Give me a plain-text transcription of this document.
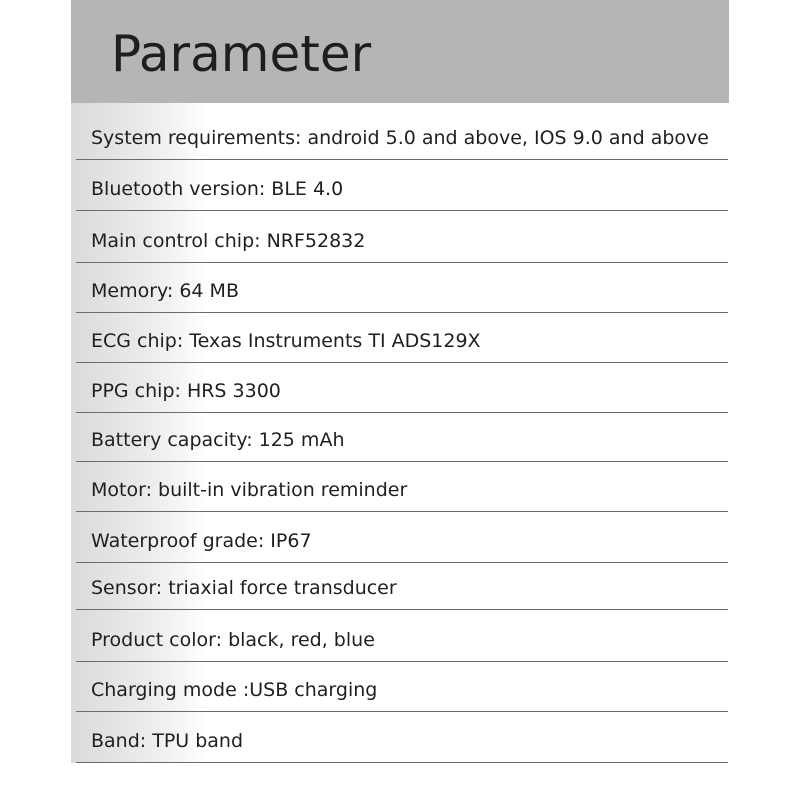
Parameter
System requirements: android 5.0 and above, IOS 9.0 and above
Bluetooth version: BLE 4.0
Main control chip: NRF52832
Memory: 64 MB
ECG chip: Texas Instruments TI ADS129X
PPG chip: HRS 3300
Battery capacity: 125 mAh
Motor: built-in vibration reminder
Waterproof grade: IP67
Sensor: triaxial force transducer
Product color: black, red, blue
Charging mode :USB charging
Band: TPU band
